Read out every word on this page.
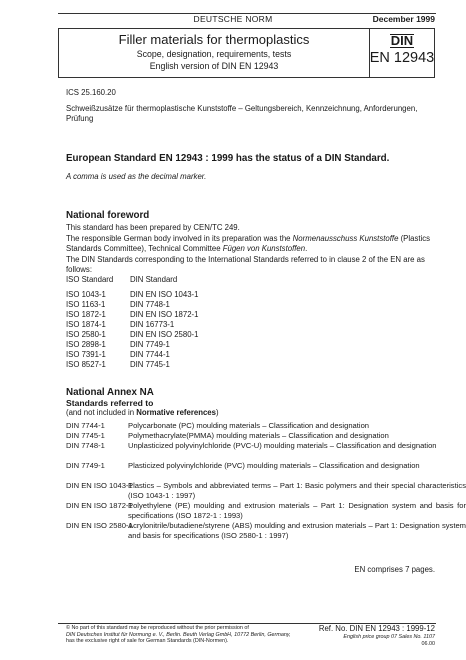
DEUTSCHE NORM	December 1999
Filler materials for thermoplastics
Scope, designation, requirements, tests
English version of DIN EN 12943
DIN
EN 12943
ICS 25.160.20
Schweißzusätze für thermoplastische Kunststoffe – Geltungsbereich, Kennzeichnung, Anforderungen, Prüfung
European Standard EN 12943 : 1999 has the status of a DIN Standard.
A comma is used as the decimal marker.
National foreword
This standard has been prepared by CEN/TC 249.
The responsible German body involved in its preparation was the Normenausschuss Kunststoffe (Plastics Standards Committee), Technical Committee Fügen von Kunststoffen.
The DIN Standards corresponding to the International Standards referred to in clause 2 of the EN are as follows:
ISO Standard DIN Standard
ISO 1043-1	DIN EN ISO 1043-1
ISO 1163-1	DIN 7748-1
ISO 1872-1	DIN EN ISO 1872-1
ISO 1874-1	DIN 16773-1
ISO 2580-1	DIN EN ISO 2580-1
ISO 2898-1	DIN 7749-1
ISO 7391-1	DIN 7744-1
ISO 8527-1	DIN 7745-1
National Annex NA
Standards referred to
(and not included in Normative references)
DIN 7744-1	Polycarbonate (PC) moulding materials – Classification and designation
DIN 7745-1	Polymethacrylate(PMMA) moulding materials – Classification and designation
DIN 7748-1	Unplasticized polyvinylchloride (PVC-U) moulding materials – Classification and designation
DIN 7749-1	Plasticized polyvinylchloride (PVC) moulding materials – Classification and designation
DIN EN ISO 1043-1
Plastics – Symbols and abbreviated terms – Part 1: Basic polymers and their special characteristics (ISO 1043-1 : 1997)
DIN EN ISO 1872-1
Polyethylene (PE) moulding and extrusion materials – Part 1: Designation system and basis for specifications (ISO 1872-1 : 1993)
DIN EN ISO 2580-1
Acrylonitrile/butadiene/styrene (ABS) moulding and extrusion materials – Part 1: Designation system and basis for specifications (ISO 2580-1 : 1997)
EN comprises 7 pages.
© No part of this standard may be reproduced without the prior permission of
DIN Deutsches Institut für Normung e. V., Berlin. Beuth Verlag GmbH, 10772 Berlin, Germany,
has the exclusive right of sale for German Standards (DIN-Normen).
Ref. No. DIN EN 12943 : 1999-12
English price group 07 Sales No. 1107
06.00
